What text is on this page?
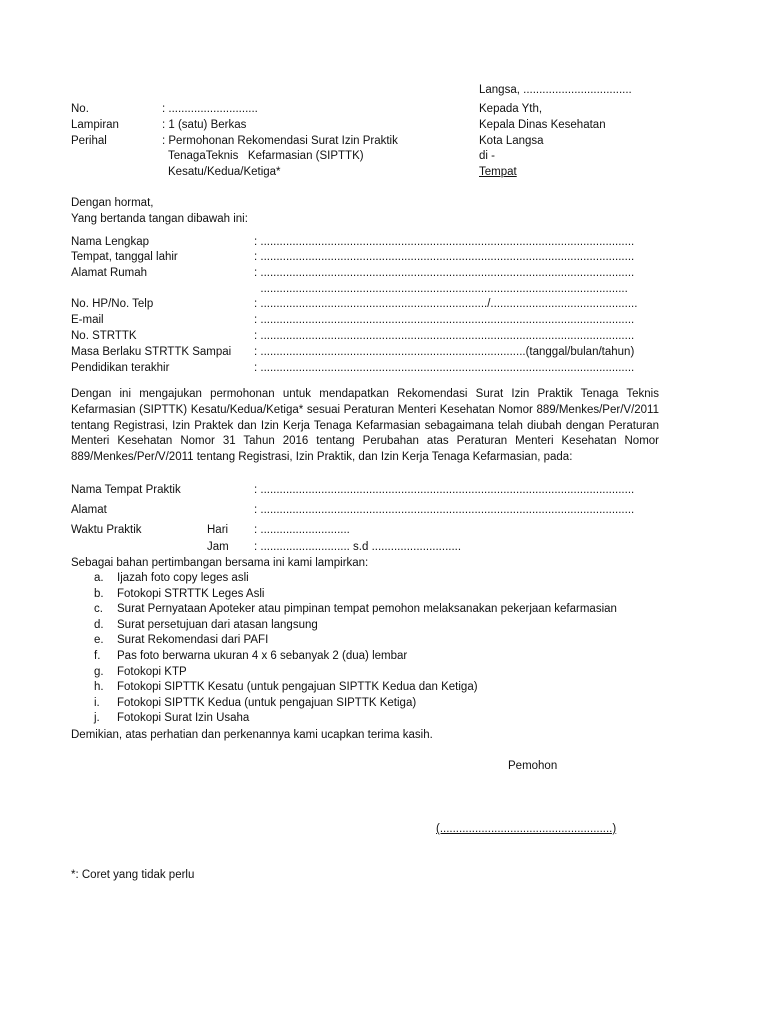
Langsa, ..................................
No.	: ............................
Lampiran	: 1 (satu) Berkas
Perihal	: Permohonan Rekomendasi Surat Izin Praktik
TenagaTeknis   Kefarmasian (SIPTTK)
Kesatu/Kedua/Ketiga*
Kepada Yth,
Kepala Dinas Kesehatan
Kota Langsa
di -
Tempat
Dengan hormat,
Yang bertanda tangan dibawah ini:
Nama Lengkap	: .....................................................................................................................
Tempat, tanggal lahir	: .....................................................................................................................
Alamat Rumah	: .....................................................................................................................
...................................................................................................................
No. HP/No. Telp	: ......................................................................./..............................................
E-mail	: .....................................................................................................................
No. STRTTK	: .....................................................................................................................
Masa Berlaku STRTTK Sampai : ...................................................................................(tanggal/bulan/tahun)
Pendidikan terakhir	: .....................................................................................................................
Dengan ini mengajukan permohonan untuk mendapatkan Rekomendasi Surat Izin Praktik Tenaga Teknis Kefarmasian (SIPTTK) Kesatu/Kedua/Ketiga* sesuai Peraturan Menteri Kesehatan Nomor 889/Menkes/Per/V/2011 tentang Registrasi, Izin Praktek dan Izin Kerja Tenaga Kefarmasian sebagaimana telah diubah dengan Peraturan Menteri Kesehatan Nomor 31 Tahun 2016 tentang Perubahan atas Peraturan Menteri Kesehatan Nomor 889/Menkes/Per/V/2011 tentang Registrasi, Izin Praktik, dan Izin Kerja Tenaga Kefarmasian, pada:
Nama Tempat Praktik	: .....................................................................................................................
Alamat	: .....................................................................................................................
Waktu Praktik	Hari : ............................
Jam : ............................ s.d ............................
Sebagai bahan pertimbangan bersama ini kami lampirkan:
a. Ijazah foto copy leges asli
b. Fotokopi STRTTK Leges Asli
c. Surat Pernyataan Apoteker atau pimpinan tempat pemohon melaksanakan pekerjaan kefarmasian
d. Surat persetujuan dari atasan langsung
e. Surat Rekomendasi dari PAFI
f. Pas foto berwarna ukuran 4 x 6 sebanyak 2 (dua) lembar
g. Fotokopi KTP
h. Fotokopi SIPTTK Kesatu (untuk pengajuan SIPTTK Kedua dan Ketiga)
i. Fotokopi SIPTTK Kedua (untuk pengajuan SIPTTK Ketiga)
j. Fotokopi Surat Izin Usaha
Demikian, atas perhatian dan perkenannya kami ucapkan terima kasih.
Pemohon
(......................................................)
*: Coret yang tidak perlu
